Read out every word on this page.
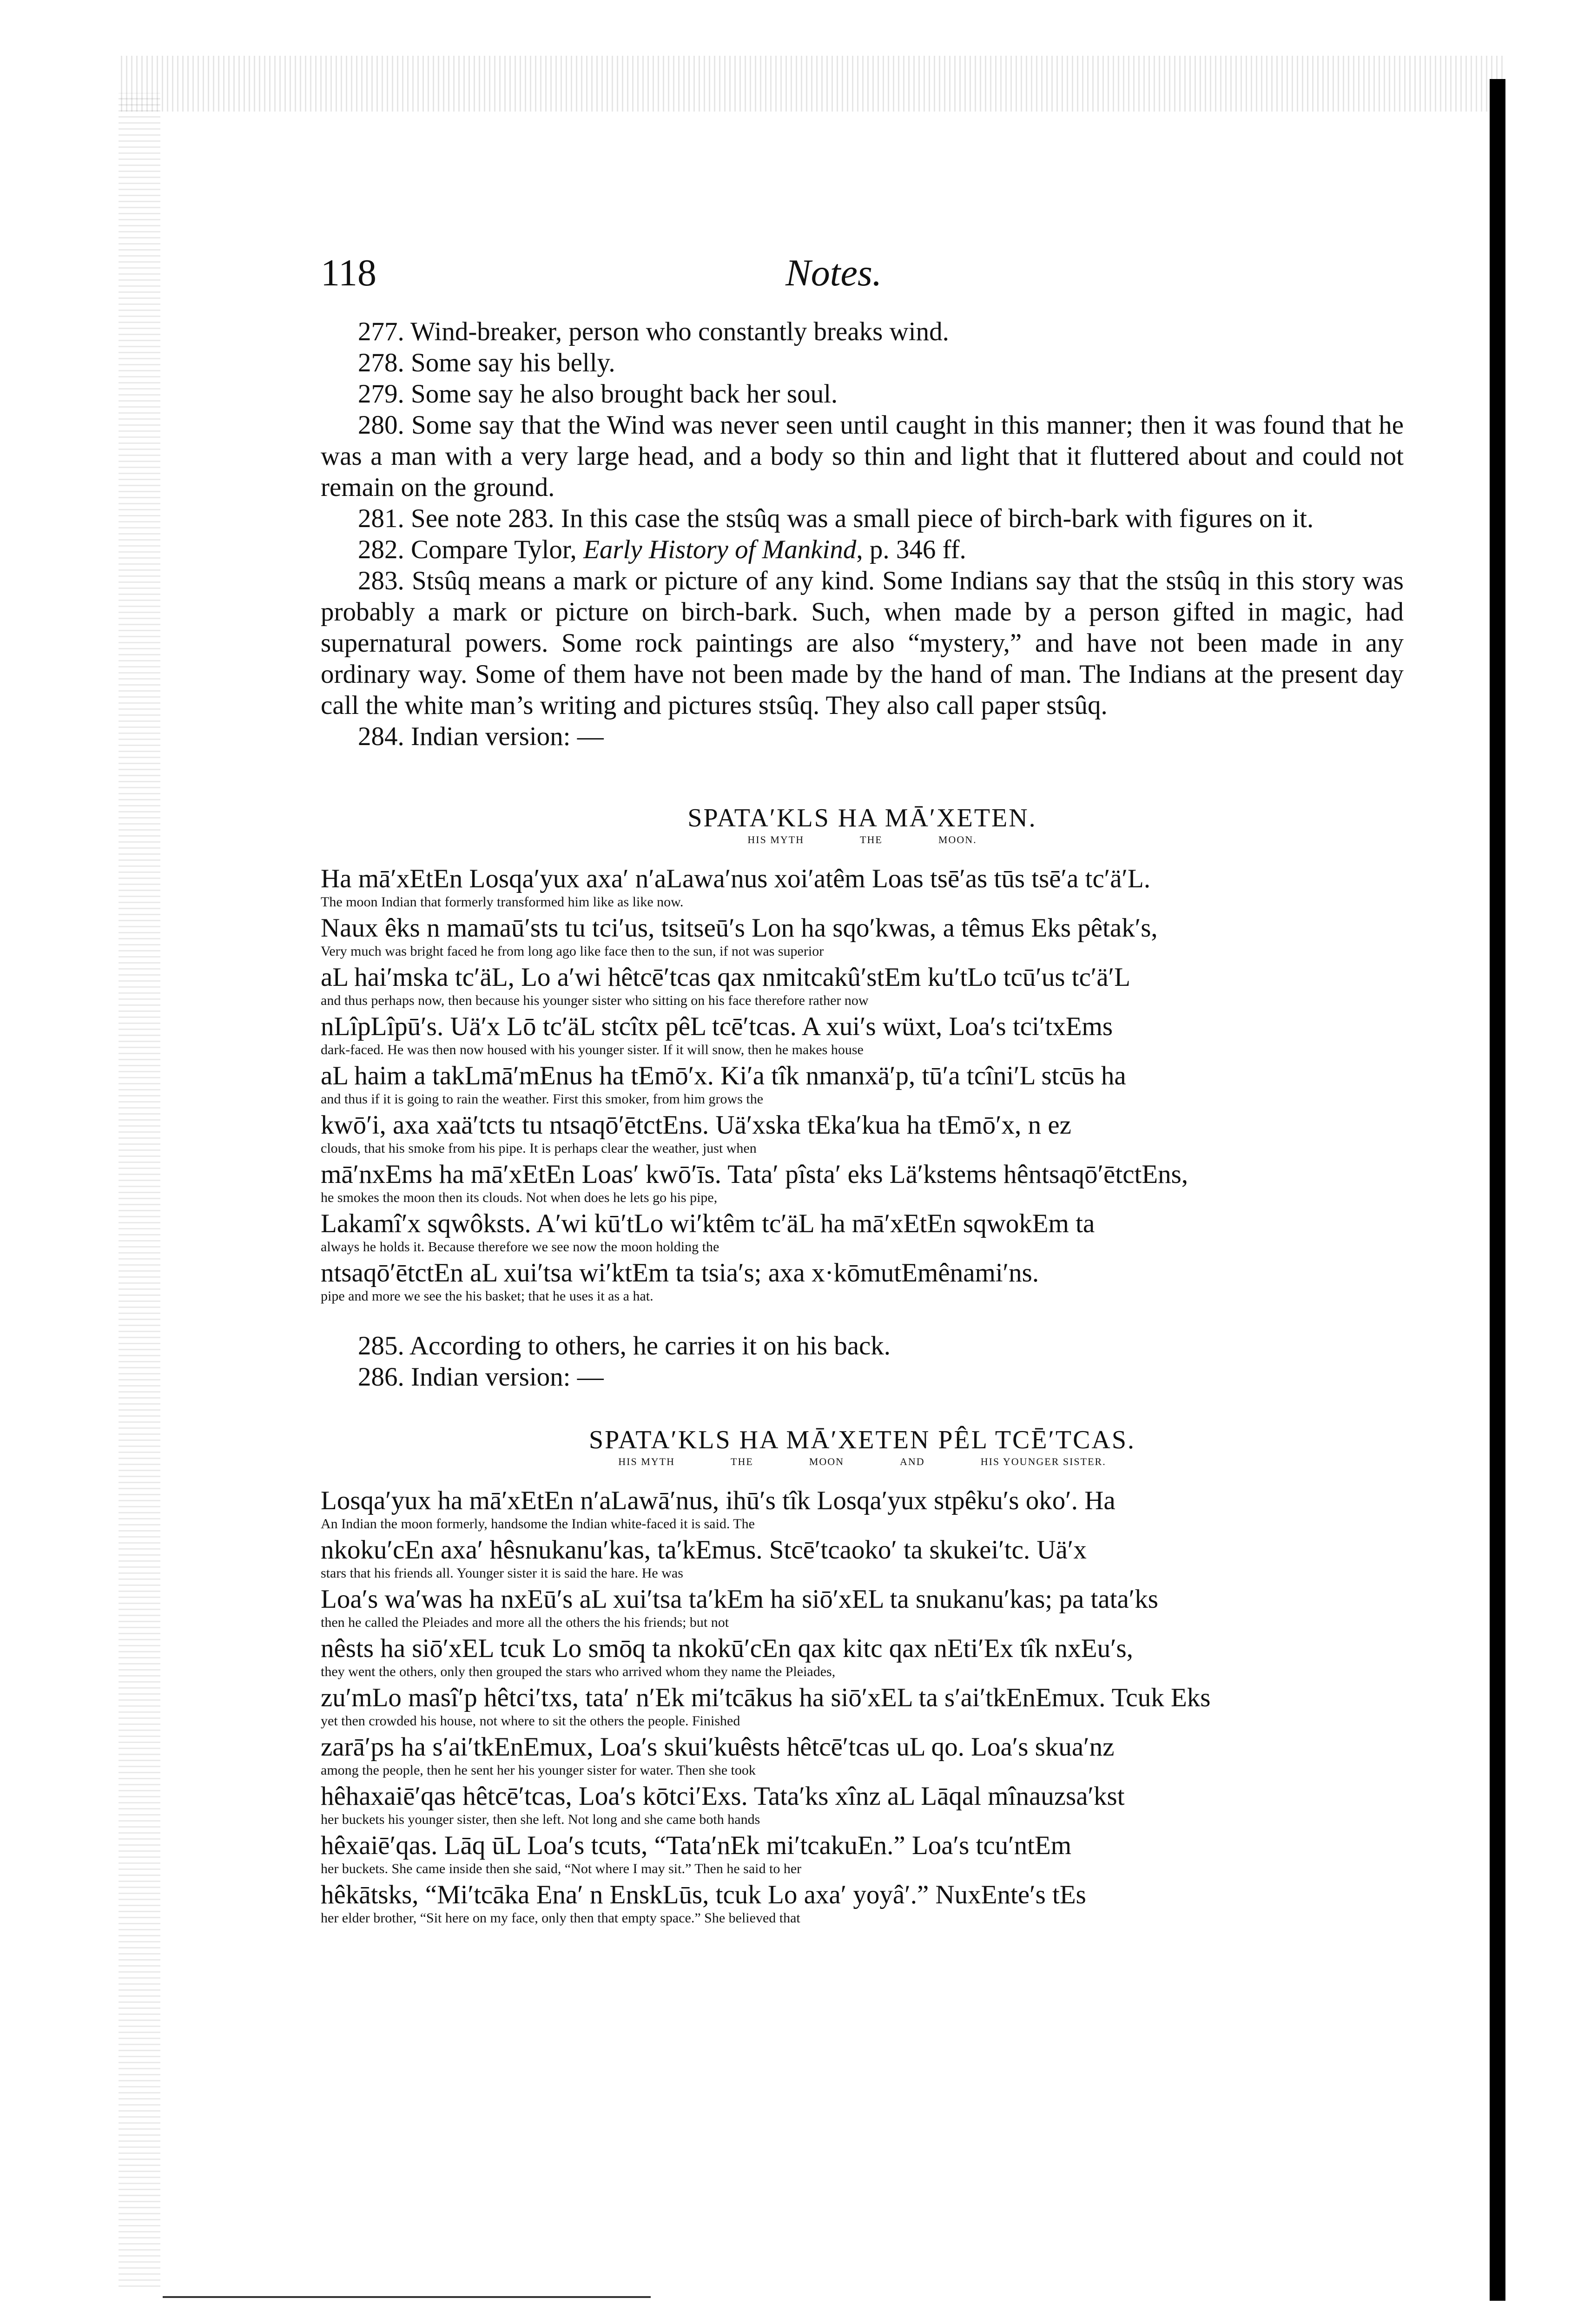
118	Notes.

277. Wind-breaker, person who constantly breaks wind.

278. Some say his belly.

279. Some say he also brought back her soul.

280. Some say that the Wind was never seen until caught in this manner; then it was found that he was a man with a very large head, and a body so thin and light that it fluttered about and could not remain on the ground.

281. See note 283. In this case the stsûq was a small piece of birch-bark with figures on it.

282. Compare Tylor, Early History of Mankind, p. 346 ff.

283. Stsûq means a mark or picture of any kind. Some Indians say that the stsûq in this story was probably a mark or picture on birch-bark. Such, when made by a person gifted in magic, had supernatural powers. Some rock paintings are also “mystery,” and have not been made in any ordinary way. Some of them have not been made by the hand of man. The Indians at the present day call the white man’s writing and pictures stsûq. They also call paper stsûq.

284. Indian version: —

SPATA′KLS HA MĀ′XETEN.
HIS MYTH	THE	MOON.
Ha mā′xEtEn Losqa′yux axa′ n′aLawa′nus xoi′atêm Loas tsē′as tūs tsē′a tc′ä′L.
The moon Indian that formerly transformed him like as like now.
Naux êks n mamaū′sts tu tci′us, tsitseū′s Lon ha sqo′kwas, a têmus Eks pêtak′s,
Very much was bright faced he from long ago like face then to the sun, if not was superior
aL hai′mska tc′äL, Lo a′wi hêtcē′tcas qax nmitcakû′stEm ku′tLo tcū′us tc′ä′L
and thus perhaps now, then because his younger sister who sitting on his face therefore rather now
nLîpLîpū′s. Uä′x Lō tc′äL stcîtx pêL tcē′tcas. A xui′s wüxt, Loa′s tci′txEms
dark-faced. He was then now housed with his younger sister. If it will snow, then he makes house
aL haim a takLmā′mEnus ha tEmō′x. Ki′a tîk nmanxä′p, tū′a tcîni′L stcūs ha
and thus if it is going to rain the weather. First this smoker, from him grows the
kwō′i, axa xaä′tcts tu ntsaqō′ētctEns. Uä′xska tEka′kua ha tEmō′x, n ez
clouds, that his smoke from his pipe. It is perhaps clear the weather, just when
mā′nxEms ha mā′xEtEn Loas′ kwō′īs. Tata′ pîsta′ eks Lä′kstems hêntsaqō′ētctEns,
he smokes the moon then its clouds. Not when does he lets go his pipe,
Lakamî′x sqwôksts. A′wi kū′tLo wi′ktêm tc′äL ha mā′xEtEn sqwokEm ta
always he holds it. Because therefore we see now the moon holding the
ntsaqō′ētctEn aL xui′tsa wi′ktEm ta tsia′s; axa x·kōmutEmênami′ns.
pipe and more we see the his basket; that he uses it as a hat.

285. According to others, he carries it on his back.

286. Indian version: —

SPATA′KLS HA MĀ′XETEN PÊL TCĒ′TCAS.
HIS MYTH	THE	MOON	AND	HIS YOUNGER SISTER.
Losqa′yux ha mā′xEtEn n′aLawā′nus, ihū′s tîk Losqa′yux stpêku′s oko′. Ha
An Indian the moon formerly, handsome the Indian white-faced it is said. The
nkoku′cEn axa′ hêsnukanu′kas, ta′kEmus. Stcē′tcaoko′ ta skukei′tc. Uä′x
stars that his friends all. Younger sister it is said the hare. He was
Loa′s wa′was ha nxEū′s aL xui′tsa ta′kEm ha siō′xEL ta snukanu′kas; pa tata′ks
then he called the Pleiades and more all the others the his friends; but not
nêsts ha siō′xEL tcuk Lo smōq ta nkokū′cEn qax kitc qax nEti′Ex tîk nxEu′s,
they went the others, only then grouped the stars who arrived whom they name the Pleiades,
zu′mLo masî′p hêtci′txs, tata′ n′Ek mi′tcākus ha siō′xEL ta s′ai′tkEnEmux. Tcuk Eks
yet then crowded his house, not where to sit the others the people. Finished
zarā′ps ha s′ai′tkEnEmux, Loa′s skui′kuêsts hêtcē′tcas uL qo. Loa′s skua′nz
among the people, then he sent her his younger sister for water. Then she took
hêhaxaiē′qas hêtcē′tcas, Loa′s kōtci′Exs. Tata′ks xînz aL Lāqal mînauzsa′kst
her buckets his younger sister, then she left. Not long and she came both hands
hêxaiē′qas. Lāq ūL Loa′s tcuts, “Tata′nEk mi′tcakuEn.” Loa′s tcu′ntEm
her buckets. She came inside then she said, “Not where I may sit.” Then he said to her
hêkātsks, “Mi′tcāka Ena′ n EnskLūs, tcuk Lo axa′ yoyâ′.” NuxEnte′s tEs
her elder brother, “Sit here on my face, only then that empty space.” She believed that
